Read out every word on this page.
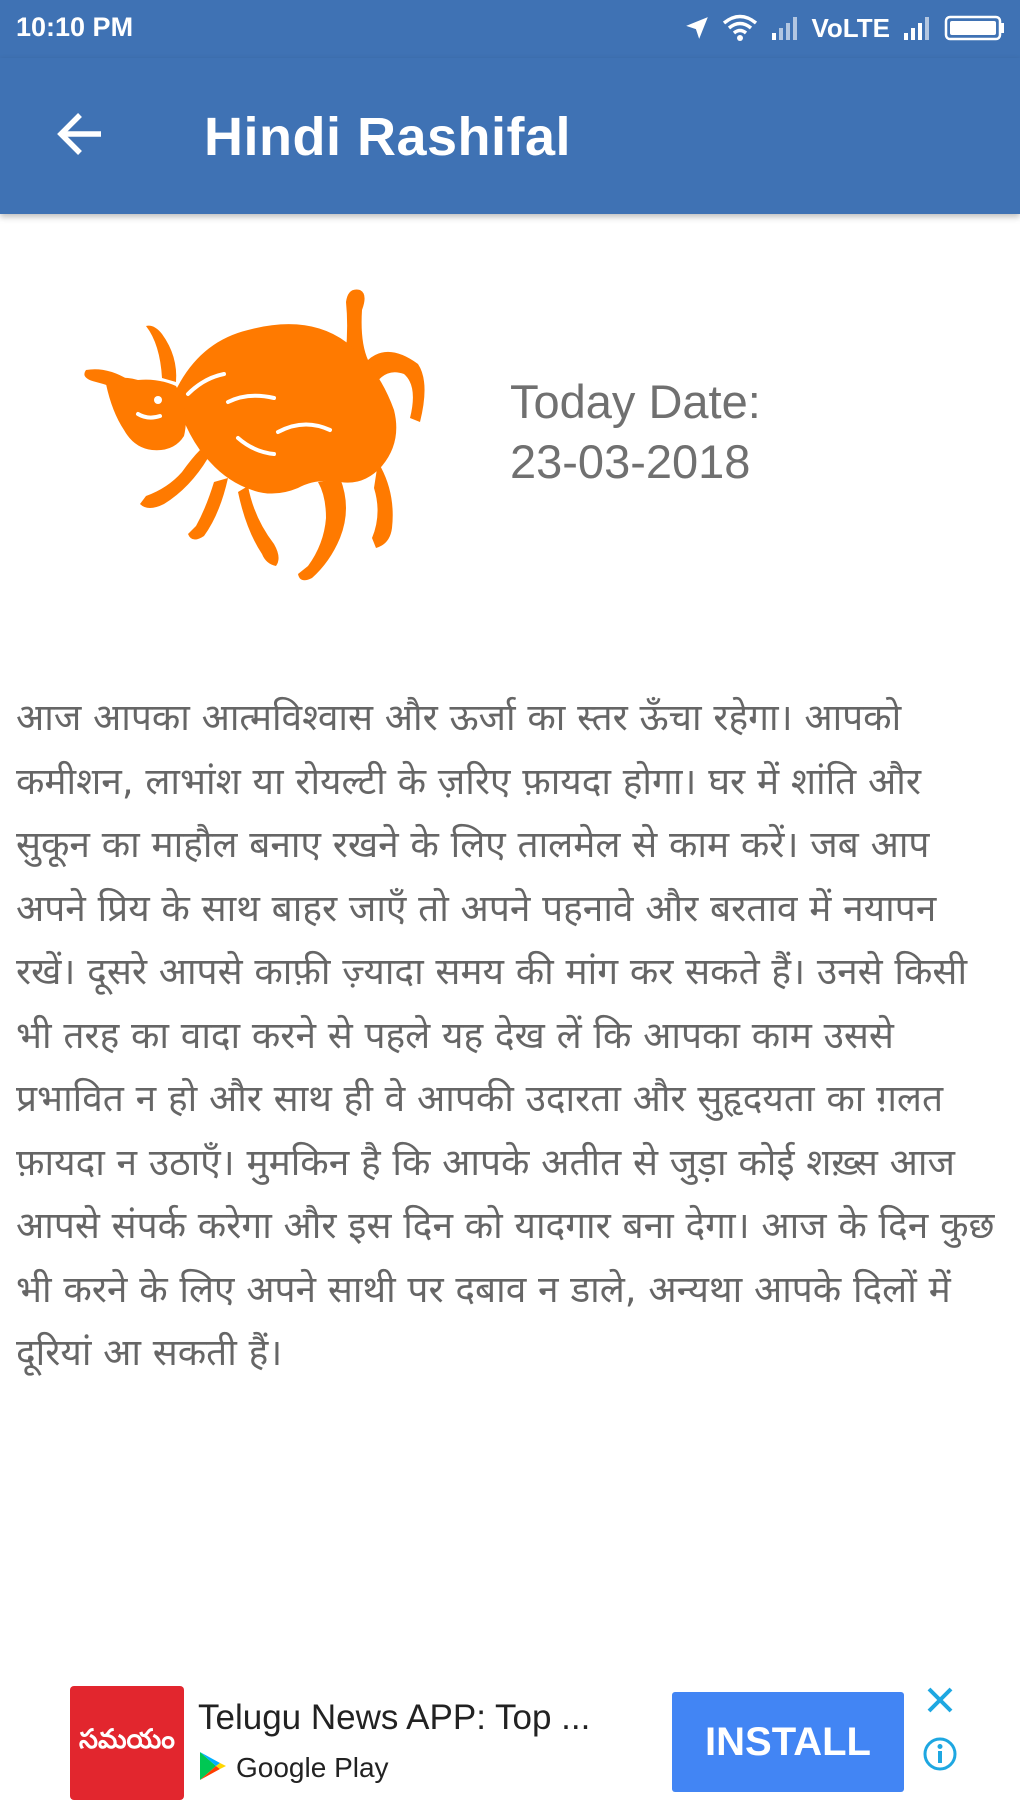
10:10 PM	VoLTE
Hindi Rashifal
Today Date:
23-03-2018
आज आपका आत्मविश्वास और ऊर्जा का स्तर ऊँचा रहेगा। आपको कमीशन, लाभांश या रोयल्टी के ज़रिए फ़ायदा होगा। घर में शांति और सुकून का माहौल बनाए रखने के लिए तालमेल से काम करें। जब आप अपने प्रिय के साथ बाहर जाएँ तो अपने पहनावे और बरताव में नयापन रखें। दूसरे आपसे काफ़ी ज़्यादा समय की मांग कर सकते हैं। उनसे किसी भी तरह का वादा करने से पहले यह देख लें कि आपका काम उससे प्रभावित न हो और साथ ही वे आपकी उदारता और सुहृदयता का ग़लत फ़ायदा न उठाएँ। मुमकिन है कि आपके अतीत से जुड़ा कोई शख़्स आज आपसे संपर्क करेगा और इस दिन को यादगार बना देगा। आज के दिन कुछ भी करने के लिए अपने साथी पर दबाव न डाले, अन्यथा आपके दिलों में दूरियां आ सकती हैं।
సమయం
Telugu News APP: Top ...
Google Play
INSTALL
